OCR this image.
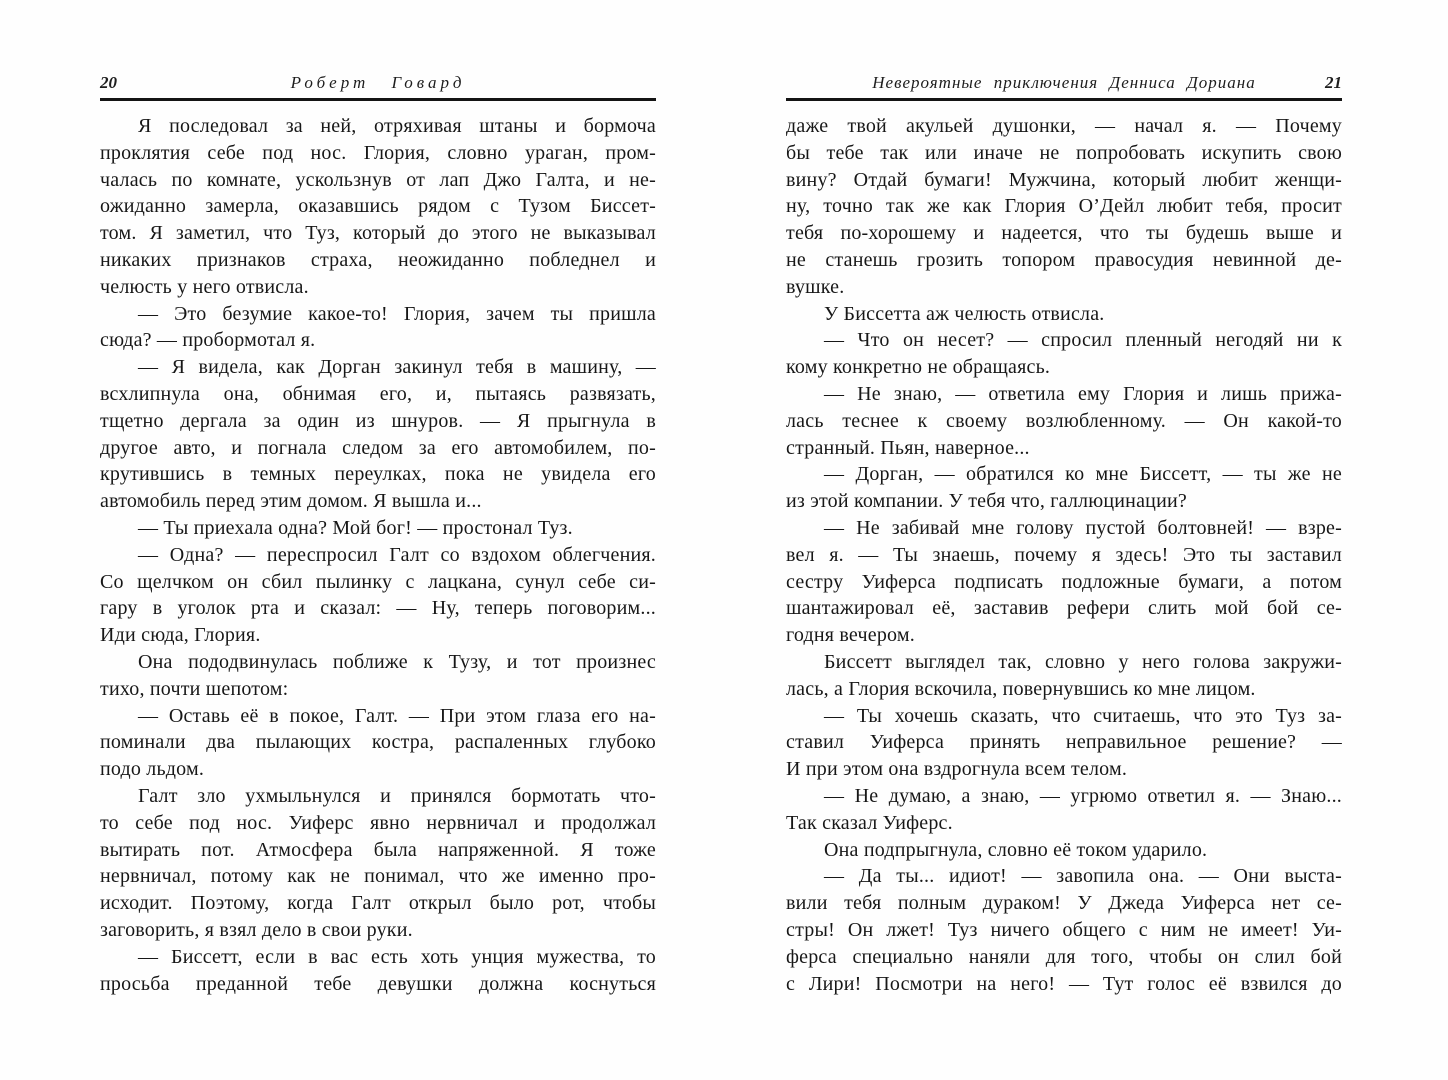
20	Роберт Говард
Я последовал за ней, отряхивая штаны и бормоча
проклятия себе под нос. Глория, словно ураган, пром-
чалась по комнате, ускользнув от лап Джо Галта, и не-
ожиданно замерла, оказавшись рядом с Тузом Биссет-
том. Я заметил, что Туз, который до этого не выказывал
никаких признаков страха, неожиданно побледнел и
челюсть у него отвисла.
— Это безумие какое-то! Глория, зачем ты пришла
сюда? — пробормотал я.
— Я видела, как Дорган закинул тебя в машину, —
всхлипнула она, обнимая его, и, пытаясь развязать,
тщетно дергала за один из шнуров. — Я прыгнула в
другое авто, и погнала следом за его автомобилем, по-
крутившись в темных переулках, пока не увидела его
автомобиль перед этим домом. Я вышла и...
— Ты приехала одна? Мой бог! — простонал Туз.
— Одна? — переспросил Галт со вздохом облегчения.
Со щелчком он сбил пылинку с лацкана, сунул себе си-
гару в уголок рта и сказал: — Ну, теперь поговорим...
Иди сюда, Глория.
Она пододвинулась поближе к Тузу, и тот произнес
тихо, почти шепотом:
— Оставь её в покое, Галт. — При этом глаза его на-
поминали два пылающих костра, распаленных глубоко
подо льдом.
Галт зло ухмыльнулся и принялся бормотать что-
то себе под нос. Уиферс явно нервничал и продолжал
вытирать пот. Атмосфера была напряженной. Я тоже
нервничал, потому как не понимал, что же именно про-
исходит. Поэтому, когда Галт открыл было рот, чтобы
заговорить, я взял дело в свои руки.
— Биссетт, если в вас есть хоть унция мужества, то
просьба преданной тебе девушки должна коснуться
Невероятные приключения Денниса Дориана	21
даже твой акульей душонки, — начал я. — Почему
бы тебе так или иначе не попробовать искупить свою
вину? Отдай бумаги! Мужчина, который любит женщи-
ну, точно так же как Глория О’Дейл любит тебя, просит
тебя по-хорошему и надеется, что ты будешь выше и
не станешь грозить топором правосудия невинной де-
вушке.
У Биссетта аж челюсть отвисла.
— Что он несет? — спросил пленный негодяй ни к
кому конкретно не обращаясь.
— Не знаю, — ответила ему Глория и лишь прижа-
лась теснее к своему возлюбленному. — Он какой-то
странный. Пьян, наверное...
— Дорган, — обратился ко мне Биссетт, — ты же не
из этой компании. У тебя что, галлюцинации?
— Не забивай мне голову пустой болтовней! — взре-
вел я. — Ты знаешь, почему я здесь! Это ты заставил
сестру Уиферса подписать подложные бумаги, а потом
шантажировал её, заставив рефери слить мой бой се-
годня вечером.
Биссетт выглядел так, словно у него голова закружи-
лась, а Глория вскочила, повернувшись ко мне лицом.
— Ты хочешь сказать, что считаешь, что это Туз за-
ставил Уиферса принять неправильное решение? —
И при этом она вздрогнула всем телом.
— Не думаю, а знаю, — угрюмо ответил я. — Знаю...
Так сказал Уиферс.
Она подпрыгнула, словно её током ударило.
— Да ты... идиот! — завопила она. — Они выста-
вили тебя полным дураком! У Джеда Уиферса нет се-
стры! Он лжет! Туз ничего общего с ним не имеет! Уи-
ферса специально наняли для того, чтобы он слил бой
с Лири! Посмотри на него! — Тут голос её взвился до
